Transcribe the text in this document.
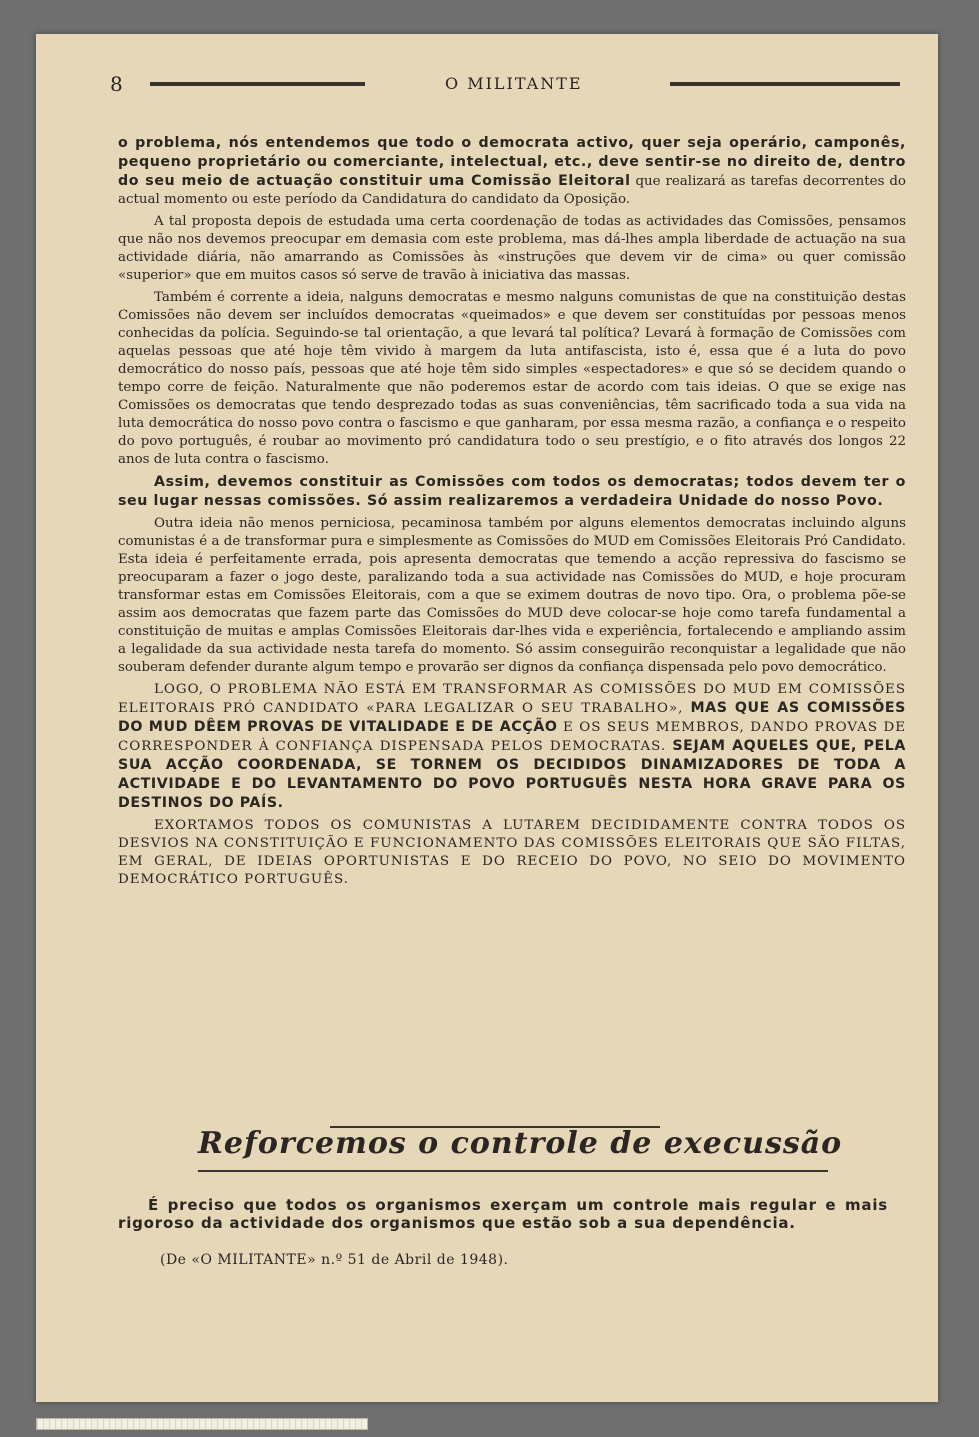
8	O MILITANTE

o problema, nós entendemos que todo o democrata activo, quer seja operário, camponês, pequeno proprietário ou comerciante, intelectual, etc., deve sentir-se no direito de, dentro do seu meio de actuação constituir uma Comissão Eleitoral que realizará as tarefas decorrentes do actual momento ou este período da Candidatura do candidato da Oposição.

A tal proposta depois de estudada uma certa coordenação de todas as actividades das Comissões, pensamos que não nos devemos preocupar em demasia com este problema, mas dá-lhes ampla liberdade de actuação na sua actividade diária, não amarrando as Comissões às «instruções que devem vir de cima» ou quer comissão «superior» que em muitos casos só serve de travão à iniciativa das massas.

Também é corrente a ideia, nalguns democratas e mesmo nalguns comunistas de que na constituição destas Comissões não devem ser incluídos democratas «queimados» e que devem ser constituídas por pessoas menos conhecidas da polícia. Seguindo-se tal orientação, a que levará tal política? Levará à formação de Comissões com aquelas pessoas que até hoje têm vivido à margem da luta antifascista, isto é, essa que é a luta do povo democrático do nosso país, pessoas que até hoje têm sido simples «espectadores» e que só se decidem quando o tempo corre de feição. Naturalmente que não poderemos estar de acordo com tais ideias. O que se exige nas Comissões os democratas que tendo desprezado todas as suas conveniências, têm sacrificado toda a sua vida na luta democrática do nosso povo contra o fascismo e que ganharam, por essa mesma razão, a confiança e o respeito do povo português, é roubar ao movimento pró candidatura todo o seu prestígio, e o fito através dos longos 22 anos de luta contra o fascismo.

Assim, devemos constituir as Comissões com todos os democratas; todos devem ter o seu lugar nessas comissões. Só assim realizaremos a verdadeira Unidade do nosso Povo.

Outra ideia não menos perniciosa, pecaminosa também por alguns elementos democratas incluindo alguns comunistas é a de transformar pura e simplesmente as Comissões do MUD em Comissões Eleitorais Pró Candidato. Esta ideia é perfeitamente errada, pois apresenta democratas que temendo a acção repressiva do fascismo se preocuparam a fazer o jogo deste, paralizando toda a sua actividade nas Comissões do MUD, e hoje procuram transformar estas em Comissões Eleitorais, com a que se eximem doutras de novo tipo. Ora, o problema põe-se assim aos democratas que fazem parte das Comissões do MUD deve colocar-se hoje como tarefa fundamental a constituição de muitas e amplas Comissões Eleitorais dar-lhes vida e experiência, fortalecendo e ampliando assim a legalidade da sua actividade nesta tarefa do momento. Só assim conseguirão reconquistar a legalidade que não souberam defender durante algum tempo e provarão ser dignos da confiança dispensada pelo povo democrático.

LOGO, O PROBLEMA NÃO ESTÁ EM TRANSFORMAR AS COMISSÕES DO MUD EM COMISSÕES ELEITORAIS PRÓ CANDIDATO «PARA LEGALIZAR O SEU TRABALHO», MAS QUE AS COMISSÕES DO MUD DÊEM PROVAS DE VITALIDADE E DE ACÇÃO E OS SEUS MEMBROS, DANDO PROVAS DE CORRESPONDER À CONFIANÇA DISPENSADA PELOS DEMOCRATAS. SEJAM AQUELES QUE, PELA SUA ACÇÃO COORDENADA, SE TORNEM OS DECIDIDOS DINAMIZADORES DE TODA A ACTIVIDADE E DO LEVANTAMENTO DO POVO PORTUGUÊS NESTA HORA GRAVE PARA OS DESTINOS DO PAÍS.

EXORTAMOS TODOS OS COMUNISTAS A LUTAREM DECIDIDAMENTE CONTRA TODOS OS DESVIOS NA CONSTITUIÇÃO E FUNCIONAMENTO DAS COMISSÕES ELEITORAIS QUE SÃO FILTAS, EM GERAL, DE IDEIAS OPORTUNISTAS E DO RECEIO DO POVO, NO SEIO DO MOVIMENTO DEMOCRÁTICO PORTUGUÊS.

Reforcemos o controle de execussão
É preciso que todos os organismos exerçam um controle mais regular e mais rigoroso da actividade dos organismos que estão sob a sua dependência.
(De «O MILITANTE» n.º 51 de Abril de 1948).
